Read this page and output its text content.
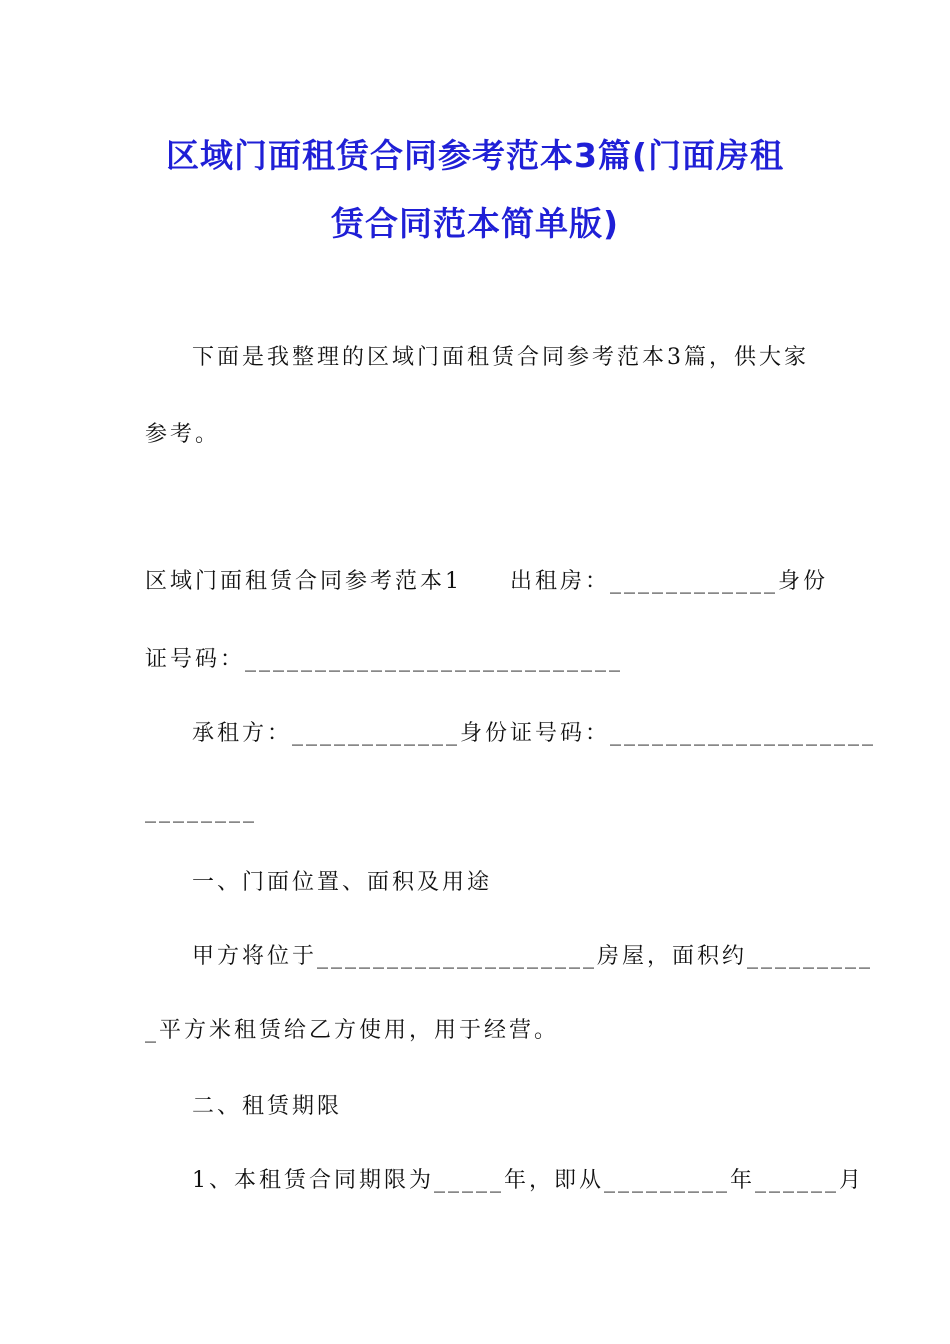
区域门面租赁合同参考范本3篇(门面房租
赁合同范本简单版)
下面是我整理的区域门面租赁合同参考范本3篇，供大家
参考。
区域门面租赁合同参考范本1 出租房：____________身份
证号码：___________________________
承租方：____________身份证号码：___________________
________
一、门面位置、面积及用途
甲方将位于____________________房屋，面积约_________
_平方米租赁给乙方使用，用于经营。
二、租赁期限
1、本租赁合同期限为_____年，即从_________年______月
